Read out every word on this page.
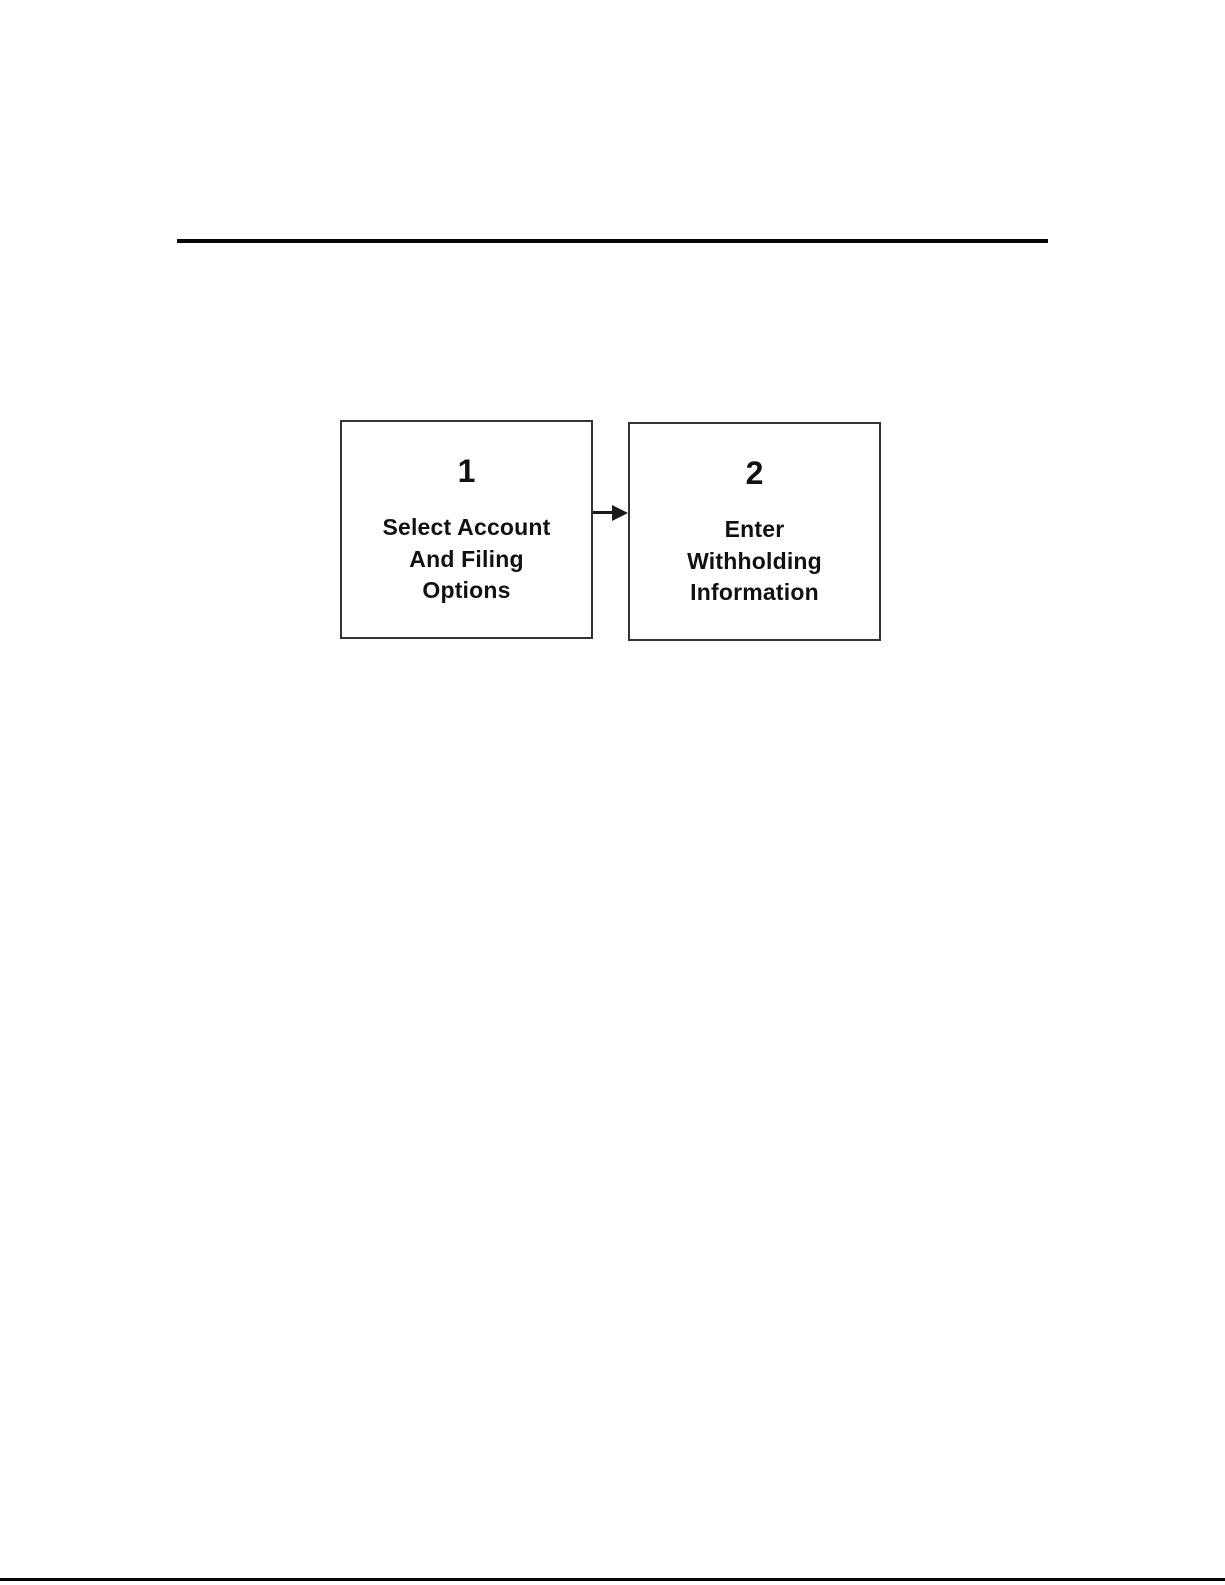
1
Select Account
And Filing
Options
2
Enter
Withholding
Information
